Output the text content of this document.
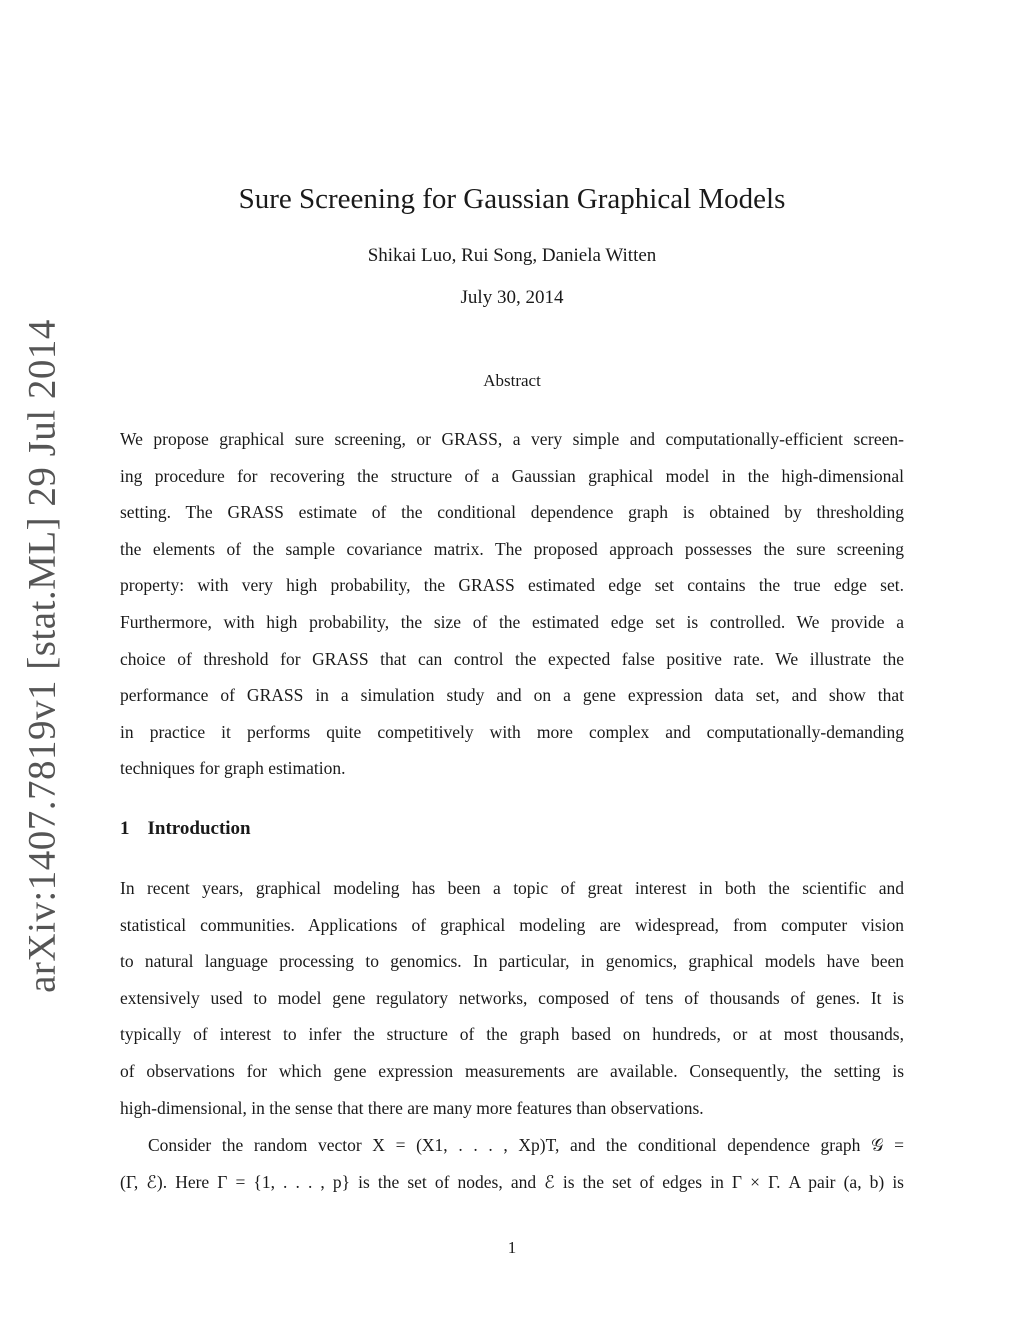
arXiv:1407.7819v1 [stat.ML] 29 Jul 2014
Sure Screening for Gaussian Graphical Models
Shikai Luo, Rui Song, Daniela Witten
July 30, 2014
Abstract
We propose graphical sure screening, or GRASS, a very simple and computationally-efficient screen-
ing procedure for recovering the structure of a Gaussian graphical model in the high-dimensional
setting. The GRASS estimate of the conditional dependence graph is obtained by thresholding
the elements of the sample covariance matrix. The proposed approach possesses the sure screening
property: with very high probability, the GRASS estimated edge set contains the true edge set.
Furthermore, with high probability, the size of the estimated edge set is controlled. We provide a
choice of threshold for GRASS that can control the expected false positive rate. We illustrate the
performance of GRASS in a simulation study and on a gene expression data set, and show that
in practice it performs quite competitively with more complex and computationally-demanding
techniques for graph estimation.
1 Introduction
In recent years, graphical modeling has been a topic of great interest in both the scientific and
statistical communities. Applications of graphical modeling are widespread, from computer vision
to natural language processing to genomics. In particular, in genomics, graphical models have been
extensively used to model gene regulatory networks, composed of tens of thousands of genes. It is
typically of interest to infer the structure of the graph based on hundreds, or at most thousands,
of observations for which gene expression measurements are available. Consequently, the setting is
high-dimensional, in the sense that there are many more features than observations.
Consider the random vector X = (X1, . . . , Xp)T, and the conditional dependence graph 𝒢 =
(Γ, ℰ). Here Γ = {1, . . . , p} is the set of nodes, and ℰ is the set of edges in Γ × Γ. A pair (a, b) is
1
